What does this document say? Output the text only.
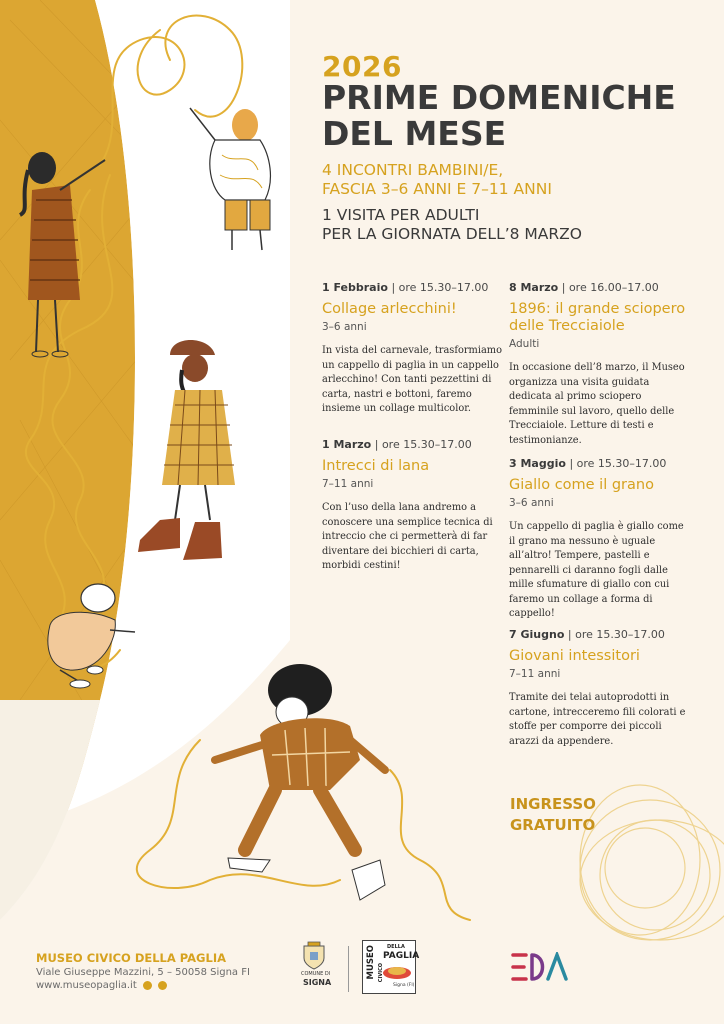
2026
PRIME DOMENICHE
DEL MESE
4 INCONTRI BAMBINI/E,
FASCIA 3–6 ANNI E 7–11 ANNI
1 VISITA PER ADULTI
PER LA GIORNATA DELL’8 MARZO
1 Febbraio | ore 15.30–17.00
Collage arlecchini!
3–6 anni
In vista del carnevale, trasformiamo un cappello di paglia in un cappello arlecchino! Con tanti pezzettini di carta, nastri e bottoni, faremo insieme un collage multicolor.
1 Marzo | ore 15.30–17.00
Intrecci di lana
7–11 anni
Con l’uso della lana andremo a conoscere una semplice tecnica di intreccio che ci permetterà di far diventare dei bicchieri di carta, morbidi cestini!
8 Marzo | ore 16.00–17.00
1896: il grande sciopero delle Trecciaiole
Adulti
In occasione dell’8 marzo, il Museo organizza una visita guidata dedicata al primo sciopero femminile sul lavoro, quello delle Trecciaiole. Letture di testi e testimonianze.
3 Maggio | ore 15.30–17.00
Giallo come il grano
3–6 anni
Un cappello di paglia è giallo come il grano ma nessuno è uguale all’altro! Tempere, pastelli e pennarelli ci daranno fogli dalle mille sfumature di giallo con cui faremo un collage a forma di cappello!
7 Giugno | ore 15.30–17.00
Giovani intessitori
7–11 anni
Tramite dei telai autoprodotti in cartone, intrecceremo fili colorati e stoffe per comporre dei piccoli arazzi da appendere.
INGRESSO
GRATUITO
MUSEO CIVICO DELLA PAGLIA
Viale Giuseppe Mazzini, 5 – 50058 Signa FI
www.museopaglia.it
COMUNE DI
SIGNA
MUSEO DELLA
PAGLIA
CIVICO
Signa (FI)
